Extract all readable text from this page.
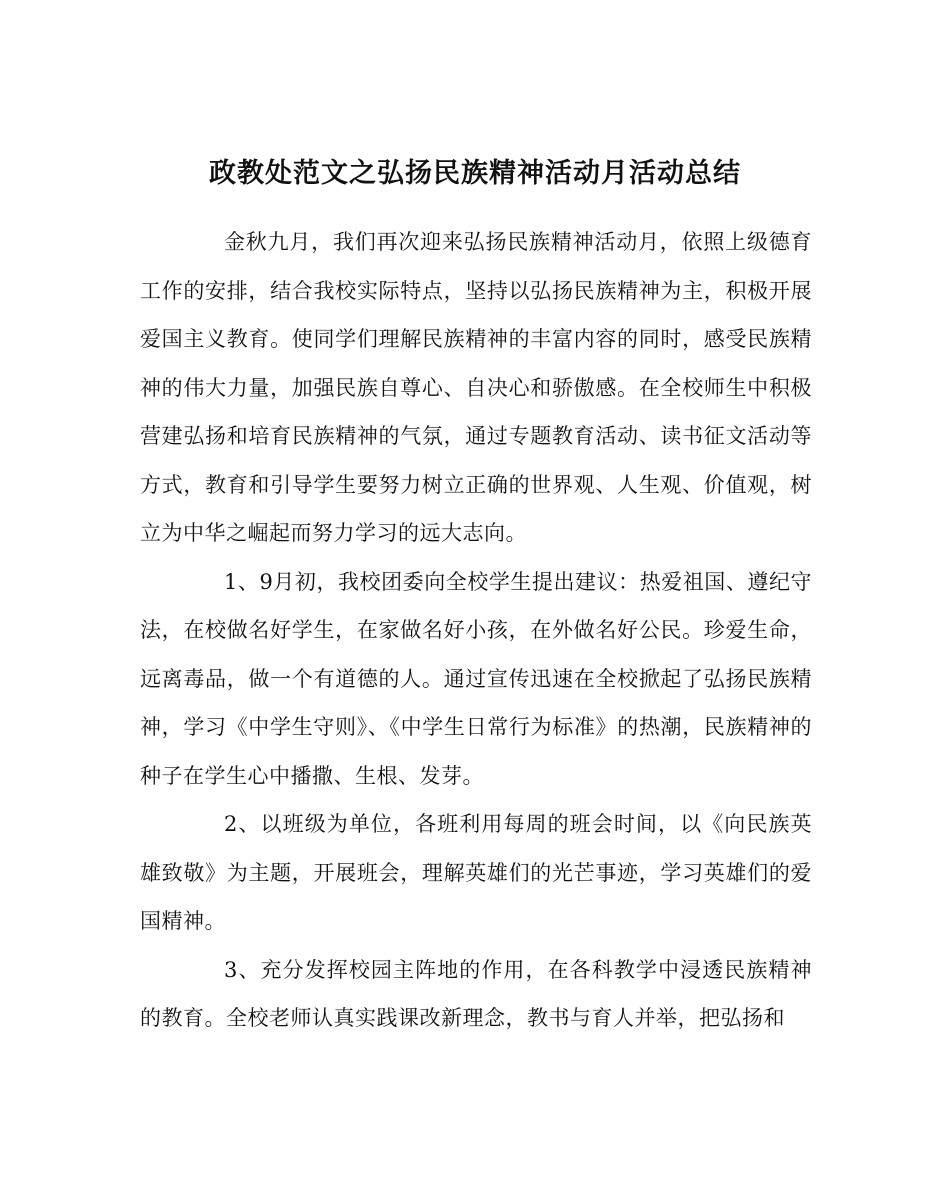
政教处范文之弘扬民族精神活动月活动总结

金秋九月，我们再次迎来弘扬民族精神活动月，依照上级德育工作的安排，结合我校实际特点，坚持以弘扬民族精神为主，积极开展爱国主义教育。使同学们理解民族精神的丰富内容的同时，感受民族精神的伟大力量，加强民族自尊心、自决心和骄傲感。在全校师生中积极营建弘扬和培育民族精神的气氛，通过专题教育活动、读书征文活动等方式，教育和引导学生要努力树立正确的世界观、人生观、价值观，树立为中华之崛起而努力学习的远大志向。

1、9月初，我校团委向全校学生提出建议：热爱祖国、遵纪守法，在校做名好学生，在家做名好小孩，在外做名好公民。珍爱生命，远离毒品，做一个有道德的人。通过宣传迅速在全校掀起了弘扬民族精神，学习《中学生守则》、《中学生日常行为标准》的热潮，民族精神的种子在学生心中播撒、生根、发芽。

2、以班级为单位，各班利用每周的班会时间，以《向民族英雄致敬》为主题，开展班会，理解英雄们的光芒事迹，学习英雄们的爱国精神。

3、充分发挥校园主阵地的作用，在各科教学中浸透民族精神的教育。全校老师认真实践课改新理念，教书与育人并举，把弘扬和
